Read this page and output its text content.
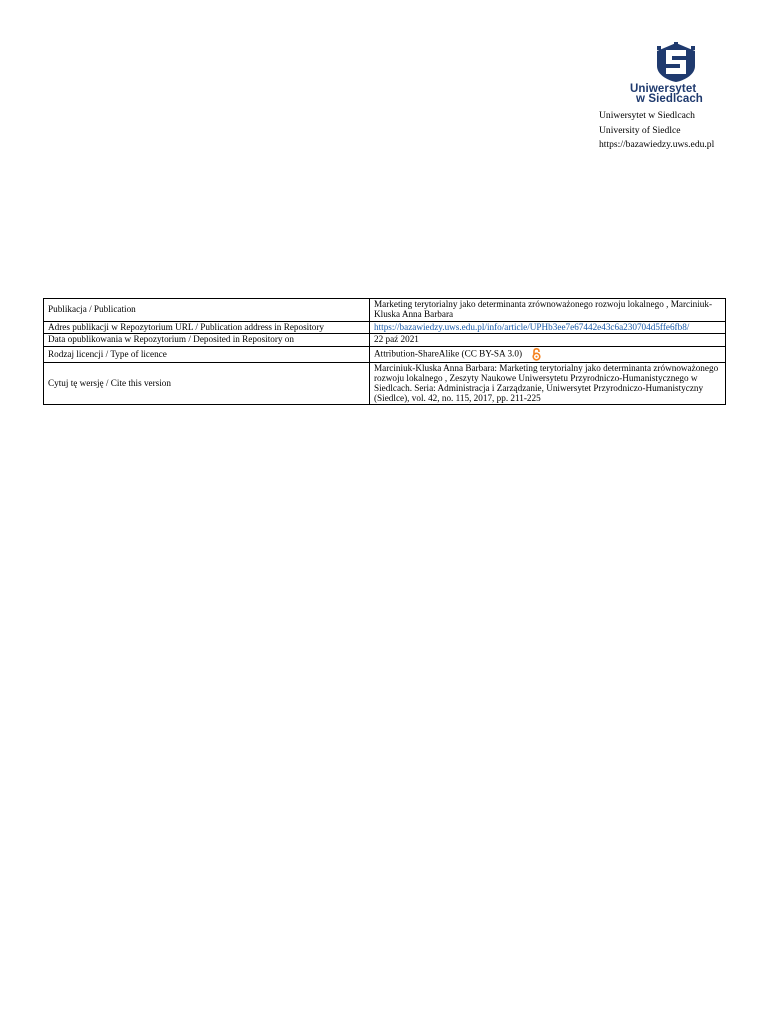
Uniwersytet
w Siedlcach
Uniwersytet w Siedlcach
University of Siedlce
https://bazawiedzy.uws.edu.pl
Publikacja / Publication	Marketing terytorialny jako determinanta zrównoważonego rozwoju lokalnego , Marciniuk-Kluska Anna Barbara
Adres publikacji w Repozytorium URL / Publication address in Repository	https://bazawiedzy.uws.edu.pl/info/article/UPHb3ee7e67442e43c6a230704d5ffe6fb8/
Data opublikowania w Repozytorium / Deposited in Repository on	22 paź 2021
Rodzaj licencji / Type of licence	Attribution-ShareAlike (CC BY-SA 3.0)
Cytuj tę wersję / Cite this version	Marciniuk-Kluska Anna Barbara: Marketing terytorialny jako determinanta zrównoważonego rozwoju lokalnego , Zeszyty Naukowe Uniwersytetu Przyrodniczo-Humanistycznego w Siedlcach. Seria: Administracja i Zarządzanie, Uniwersytet Przyrodniczo-Humanistyczny (Siedlce), vol. 42, no. 115, 2017, pp. 211-225
